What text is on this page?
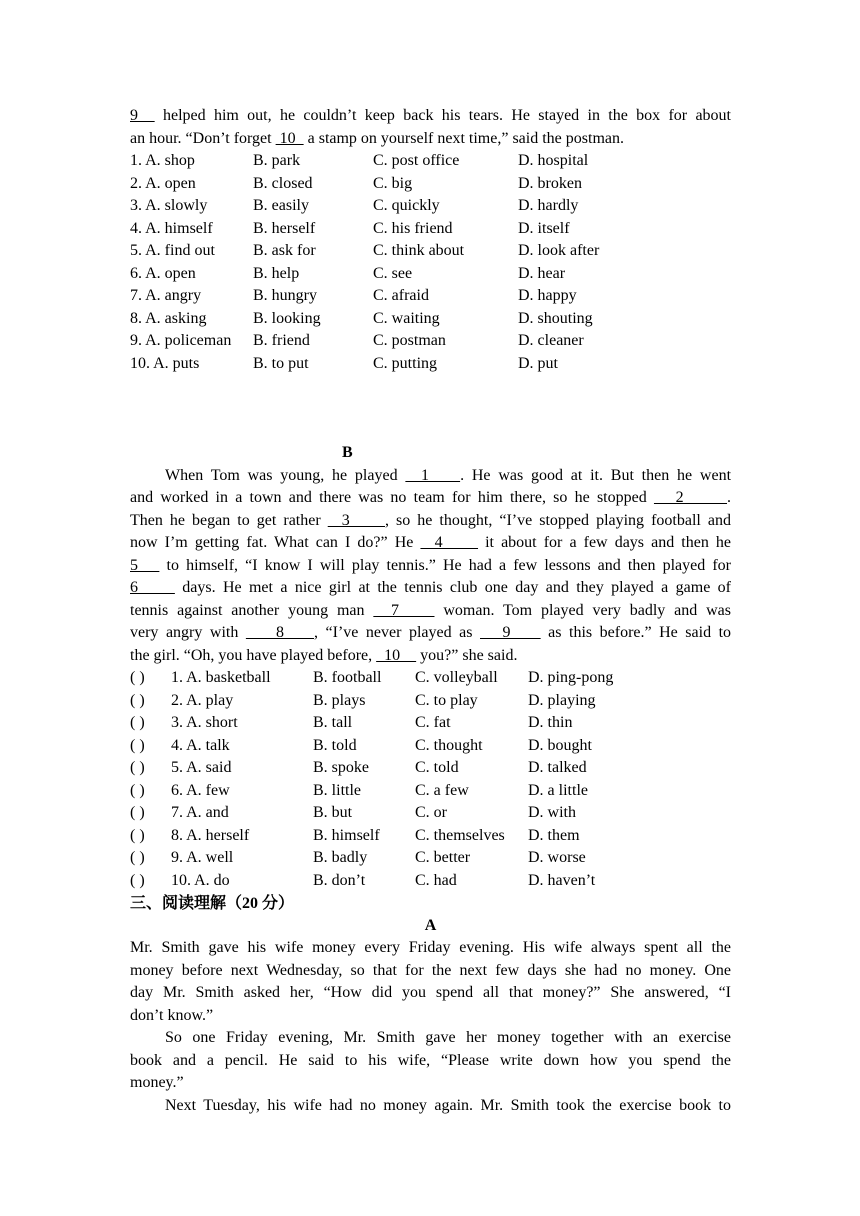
9   helped him out, he couldn’t keep back his tears. He stayed in the box for about
an hour. “Don’t forget  10   a stamp on yourself next time,” said the postman.
1. A. shop	B. park	C. post office	D. hospital
2. A. open	B. closed	C. big	D. broken
3. A. slowly	B. easily	C. quickly	D. hardly
4. A. himself	B. herself	C. his friend	D. itself
5. A. find out B. ask for	C. think about	D. look after
6. A. open	B. help	C. see	D. hear
7. A. angry	B. hungry	C. afraid	D. happy
8. A. asking	B. looking	C. waiting	D. shouting
9. A. policeman B. friend	C. postman	D. cleaner
10. A. puts	B. to put	C. putting	D. put
B
When Tom was young, he played   1    . He was good at it. But then he went
and worked in a town and there was no team for him there, so he stopped    2      .
Then he began to get rather   3     , so he thought, “I’ve stopped playing football and
now I’m getting fat. What can I do?” He   4      it about for a few days and then he
5    to himself, “I know I will play tennis.” He had a few lessons and then played for
6      days. He met a nice girl at the tennis club one day and they played a game of
tennis against another young man   7     woman. Tom played very badly and was
very angry with     8    , “I’ve never played as    9     as this before.” He said to
the girl. “Oh, you have played before,   10     you?” she said.
( ) 1. A. basketball	B. football C. volleyball D. ping-pong
( ) 2. A. play	B. plays	C. to play	D. playing
( ) 3. A. short	B. tall	C. fat	D. thin
( ) 4. A. talk	B. told	C. thought	D. bought
( ) 5. A. said	B. spoke	C. told	D. talked
( ) 6. A. few	B. little	C. a few	D. a little
( ) 7. A. and	B. but	C. or	D. with
( ) 8. A. herself	B. himself C. themselves D. them
( ) 9. A. well	B. badly	C. better	D. worse
( ) 10. A. do	B. don’t	C. had	D. haven’t
三、阅读理解（20 分）
A
Mr. Smith gave his wife money every Friday evening. His wife always spent all the
money before next Wednesday, so that for the next few days she had no money. One
day Mr. Smith asked her, “How did you spend all that money?” She answered, “I
don’t know.”
So one Friday evening, Mr. Smith gave her money together with an exercise
book and a pencil. He said to his wife, “Please write down how you spend the
money.”
Next Tuesday, his wife had no money again. Mr. Smith took the exercise book to
